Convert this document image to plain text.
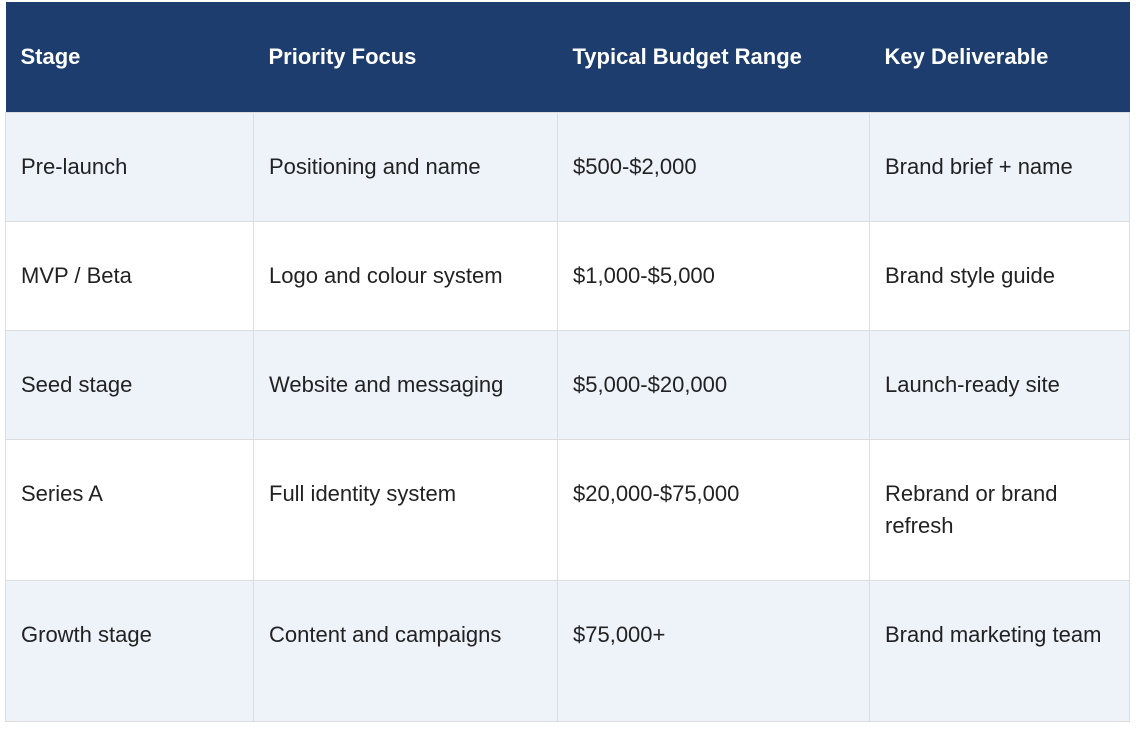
Stage	Priority Focus	Typical Budget Range	Key Deliverable
Pre-launch	Positioning and name	$500-$2,000	Brand brief + name
MVP / Beta	Logo and colour system	$1,000-$5,000	Brand style guide
Seed stage	Website and messaging	$5,000-$20,000	Launch-ready site
Series A	Full identity system	$20,000-$75,000	Rebrand or brand refresh
Growth stage	Content and campaigns	$75,000+	Brand marketing team
